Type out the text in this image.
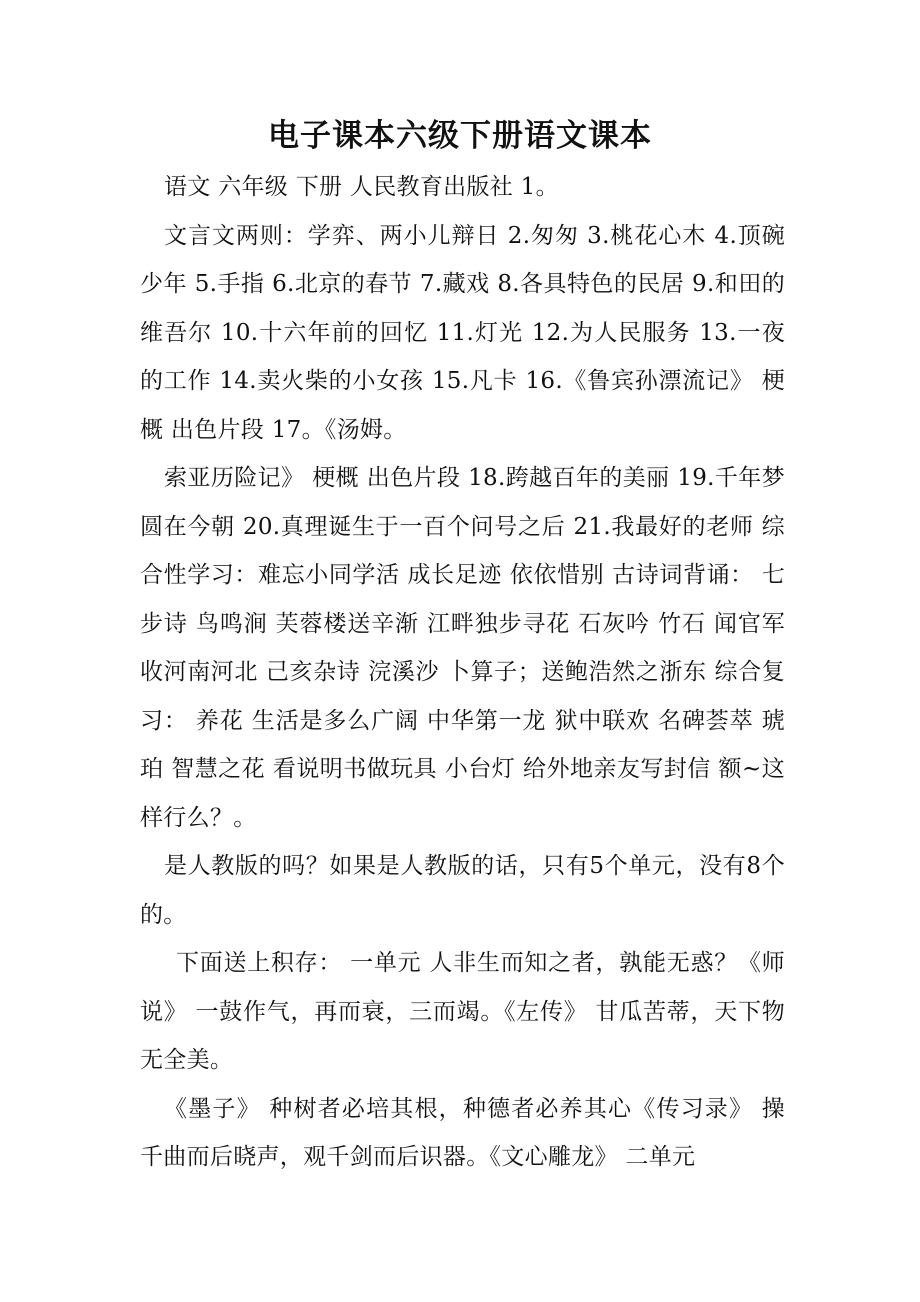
电子课本六级下册语文课本

语文 六年级 下册 人民教育出版社 1。

文言文两则：学弈、两小儿辩日 2.匆匆 3.桃花心木 4.顶碗少年 5.手指 6.北京的春节 7.藏戏 8.各具特色的民居 9.和田的维吾尔 10.十六年前的回忆 11.灯光 12.为人民服务 13.一夜的工作 14.卖火柴的小女孩 15.凡卡 16.《鲁宾孙漂流记》 梗概 出色片段 17。《汤姆。

索亚历险记》 梗概 出色片段 18.跨越百年的美丽 19.千年梦圆在今朝 20.真理诞生于一百个问号之后 21.我最好的老师 综合性学习：难忘小同学活 成长足迹 依依惜别 古诗词背诵： 七步诗 鸟鸣涧 芙蓉楼送辛渐 江畔独步寻花 石灰吟 竹石 闻官军收河南河北 己亥杂诗 浣溪沙 卜算子；送鲍浩然之浙东 综合复习： 养花 生活是多么广阔 中华第一龙 狱中联欢 名碑荟萃 琥珀 智慧之花 看说明书做玩具 小台灯 给外地亲友写封信 额~这样行么？。

是人教版的吗？如果是人教版的话，只有5个单元，没有8个的。

下面送上积存： 一单元 人非生而知之者，孰能无惑？《师说》 一鼓作气，再而衰，三而竭。《左传》 甘瓜苦蒂，天下物无全美。

《墨子》 种树者必培其根，种德者必养其心《传习录》 操千曲而后晓声，观千剑而后识器。《文心雕龙》 二单元
